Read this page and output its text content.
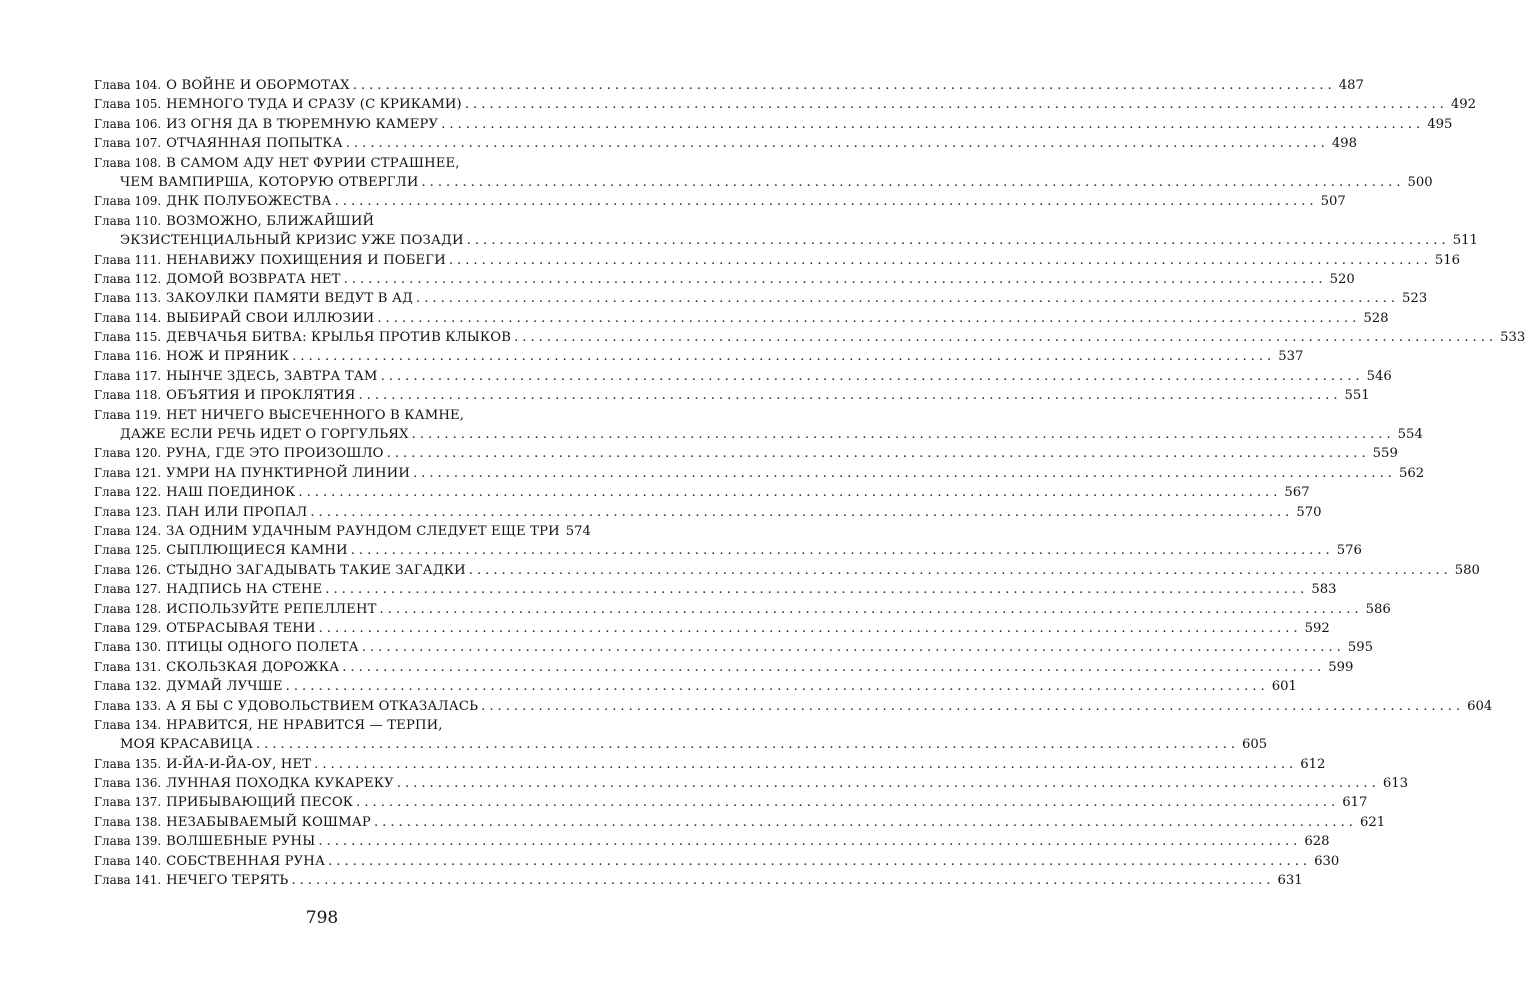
Глава 104. О ВОЙНЕ И ОБОРМОТАХ ........................................................................................................................ 487
Глава 105. НЕМНОГО ТУДА И СРАЗУ (С КРИКАМИ) ........................................................................................................................ 492
Глава 106. ИЗ ОГНЯ ДА В ТЮРЕМНУЮ КАМЕРУ ........................................................................................................................ 495
Глава 107. ОТЧАЯННАЯ ПОПЫТКА ........................................................................................................................ 498
Глава 108. В САМОМ АДУ НЕТ ФУРИИ СТРАШНЕЕ,
ЧЕМ ВАМПИРША, КОТОРУЮ ОТВЕРГЛИ ........................................................................................................................ 500
Глава 109. ДНК ПОЛУБОЖЕСТВА ........................................................................................................................ 507
Глава 110. ВОЗМОЖНО, БЛИЖАЙШИЙ
ЭКЗИСТЕНЦИАЛЬНЫЙ КРИЗИС УЖЕ ПОЗАДИ ........................................................................................................................ 511
Глава 111. НЕНАВИЖУ ПОХИЩЕНИЯ И ПОБЕГИ ........................................................................................................................ 516
Глава 112. ДОМОЙ ВОЗВРАТА НЕТ ........................................................................................................................ 520
Глава 113. ЗАКОУЛКИ ПАМЯТИ ВЕДУТ В АД ........................................................................................................................ 523
Глава 114. ВЫБИРАЙ СВОИ ИЛЛЮЗИИ ........................................................................................................................ 528
Глава 115. ДЕВЧАЧЬЯ БИТВА: КРЫЛЬЯ ПРОТИВ КЛЫКОВ ........................................................................................................................ 533
Глава 116. НОЖ И ПРЯНИК ........................................................................................................................ 537
Глава 117. НЫНЧЕ ЗДЕСЬ, ЗАВТРА ТАМ ........................................................................................................................ 546
Глава 118. ОБЪЯТИЯ И ПРОКЛЯТИЯ ........................................................................................................................ 551
Глава 119. НЕТ НИЧЕГО ВЫСЕЧЕННОГО В КАМНЕ,
ДАЖЕ ЕСЛИ РЕЧЬ ИДЕТ О ГОРГУЛЬЯХ ........................................................................................................................ 554
Глава 120. РУНА, ГДЕ ЭТО ПРОИЗОШЛО ........................................................................................................................ 559
Глава 121. УМРИ НА ПУНКТИРНОЙ ЛИНИИ ........................................................................................................................ 562
Глава 122. НАШ ПОЕДИНОК ........................................................................................................................ 567
Глава 123. ПАН ИЛИ ПРОПАЛ ........................................................................................................................ 570
Глава 124. ЗА ОДНИМ УДАЧНЫМ РАУНДОМ СЛЕДУЕТ ЕЩЕ ТРИ 574
Глава 125. СЫПЛЮЩИЕСЯ КАМНИ ........................................................................................................................ 576
Глава 126. СТЫДНО ЗАГАДЫВАТЬ ТАКИЕ ЗАГАДКИ ........................................................................................................................ 580
Глава 127. НАДПИСЬ НА СТЕНЕ ........................................................................................................................ 583
Глава 128. ИСПОЛЬЗУЙТЕ РЕПЕЛЛЕНТ ........................................................................................................................ 586
Глава 129. ОТБРАСЫВАЯ ТЕНИ ........................................................................................................................ 592
Глава 130. ПТИЦЫ ОДНОГО ПОЛЕТА ........................................................................................................................ 595
Глава 131. СКОЛЬЗКАЯ ДОРОЖКА ........................................................................................................................ 599
Глава 132. ДУМАЙ ЛУЧШЕ ........................................................................................................................ 601
Глава 133. А Я БЫ С УДОВОЛЬСТВИЕМ ОТКАЗАЛАСЬ ........................................................................................................................ 604
Глава 134. НРАВИТСЯ, НЕ НРАВИТСЯ — ТЕРПИ,
МОЯ КРАСАВИЦА ........................................................................................................................ 605
Глава 135. И-ЙА-И-ЙА-ОУ, НЕТ ........................................................................................................................ 612
Глава 136. ЛУННАЯ ПОХОДКА КУКАРЕКУ ........................................................................................................................ 613
Глава 137. ПРИБЫВАЮЩИЙ ПЕСОК ........................................................................................................................ 617
Глава 138. НЕЗАБЫВАЕМЫЙ КОШМАР ........................................................................................................................ 621
Глава 139. ВОЛШЕБНЫЕ РУНЫ ........................................................................................................................ 628
Глава 140. СОБСТВЕННАЯ РУНА ........................................................................................................................ 630
Глава 141. НЕЧЕГО ТЕРЯТЬ ........................................................................................................................ 631
798
